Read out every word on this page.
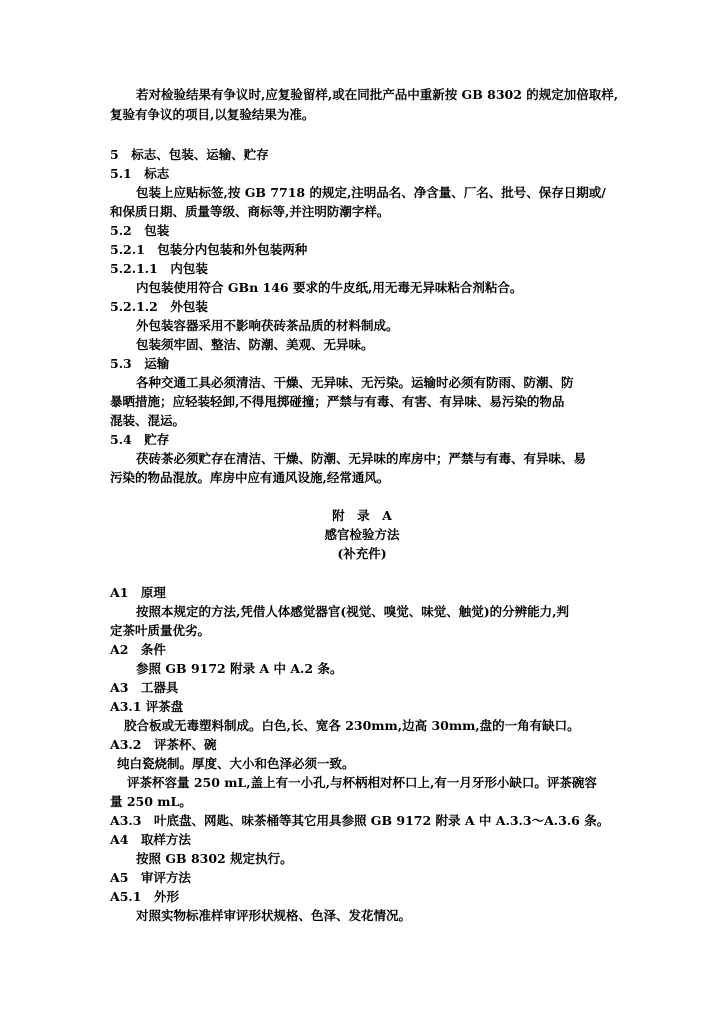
若对检验结果有争议时,应复验留样,或在同批产品中重新按 GB 8302 的规定加倍取样,
复验有争议的项目,以复验结果为准。
5　标志、包装、运输、贮存
5.1　标志
包装上应贴标签,按 GB 7718 的规定,注明品名、净含量、厂名、批号、保存日期或/
和保质日期、质量等级、商标等,并注明防潮字样。
5.2　包装
5.2.1　包装分内包装和外包装两种
5.2.1.1　内包装
内包装使用符合 GBn 146 要求的牛皮纸,用无毒无异味粘合剂粘合。
5.2.1.2　外包装
外包装容器采用不影响茯砖茶品质的材料制成。
包装须牢固、整洁、防潮、美观、无异味。
5.3　运输
各种交通工具必须清洁、干燥、无异味、无污染。运输时必须有防雨、防潮、防
暴晒措施；应轻装轻卸,不得甩掷碰撞；严禁与有毒、有害、有异味、易污染的物品
混装、混运。
5.4　贮存
茯砖茶必须贮存在清洁、干燥、防潮、无异味的库房中；严禁与有毒、有异味、易
污染的物品混放。库房中应有通风设施,经常通风。
附　录　A
感官检验方法
(补充件)
A1　原理
按照本规定的方法,凭借人体感觉器官(视觉、嗅觉、味觉、触觉)的分辨能力,判
定茶叶质量优劣。
A2　条件
参照 GB 9172 附录 A 中 A.2 条。
A3　工器具
A3.1 评茶盘
胶合板或无毒塑料制成。白色,长、宽各 230mm,边高 30mm,盘的一角有缺口。
A3.2　评茶杯、碗
纯白瓷烧制。厚度、大小和色泽必须一致。
评茶杯容量 250 mL,盖上有一小孔,与杯柄相对杯口上,有一月牙形小缺口。评茶碗容
量 250 mL。
A3.3　叶底盘、网匙、味茶桶等其它用具参照 GB 9172 附录 A 中 A.3.3～A.3.6 条。
A4　取样方法
按照 GB 8302 规定执行。
A5　审评方法
A5.1　外形
对照实物标准样审评形状规格、色泽、发花情况。
